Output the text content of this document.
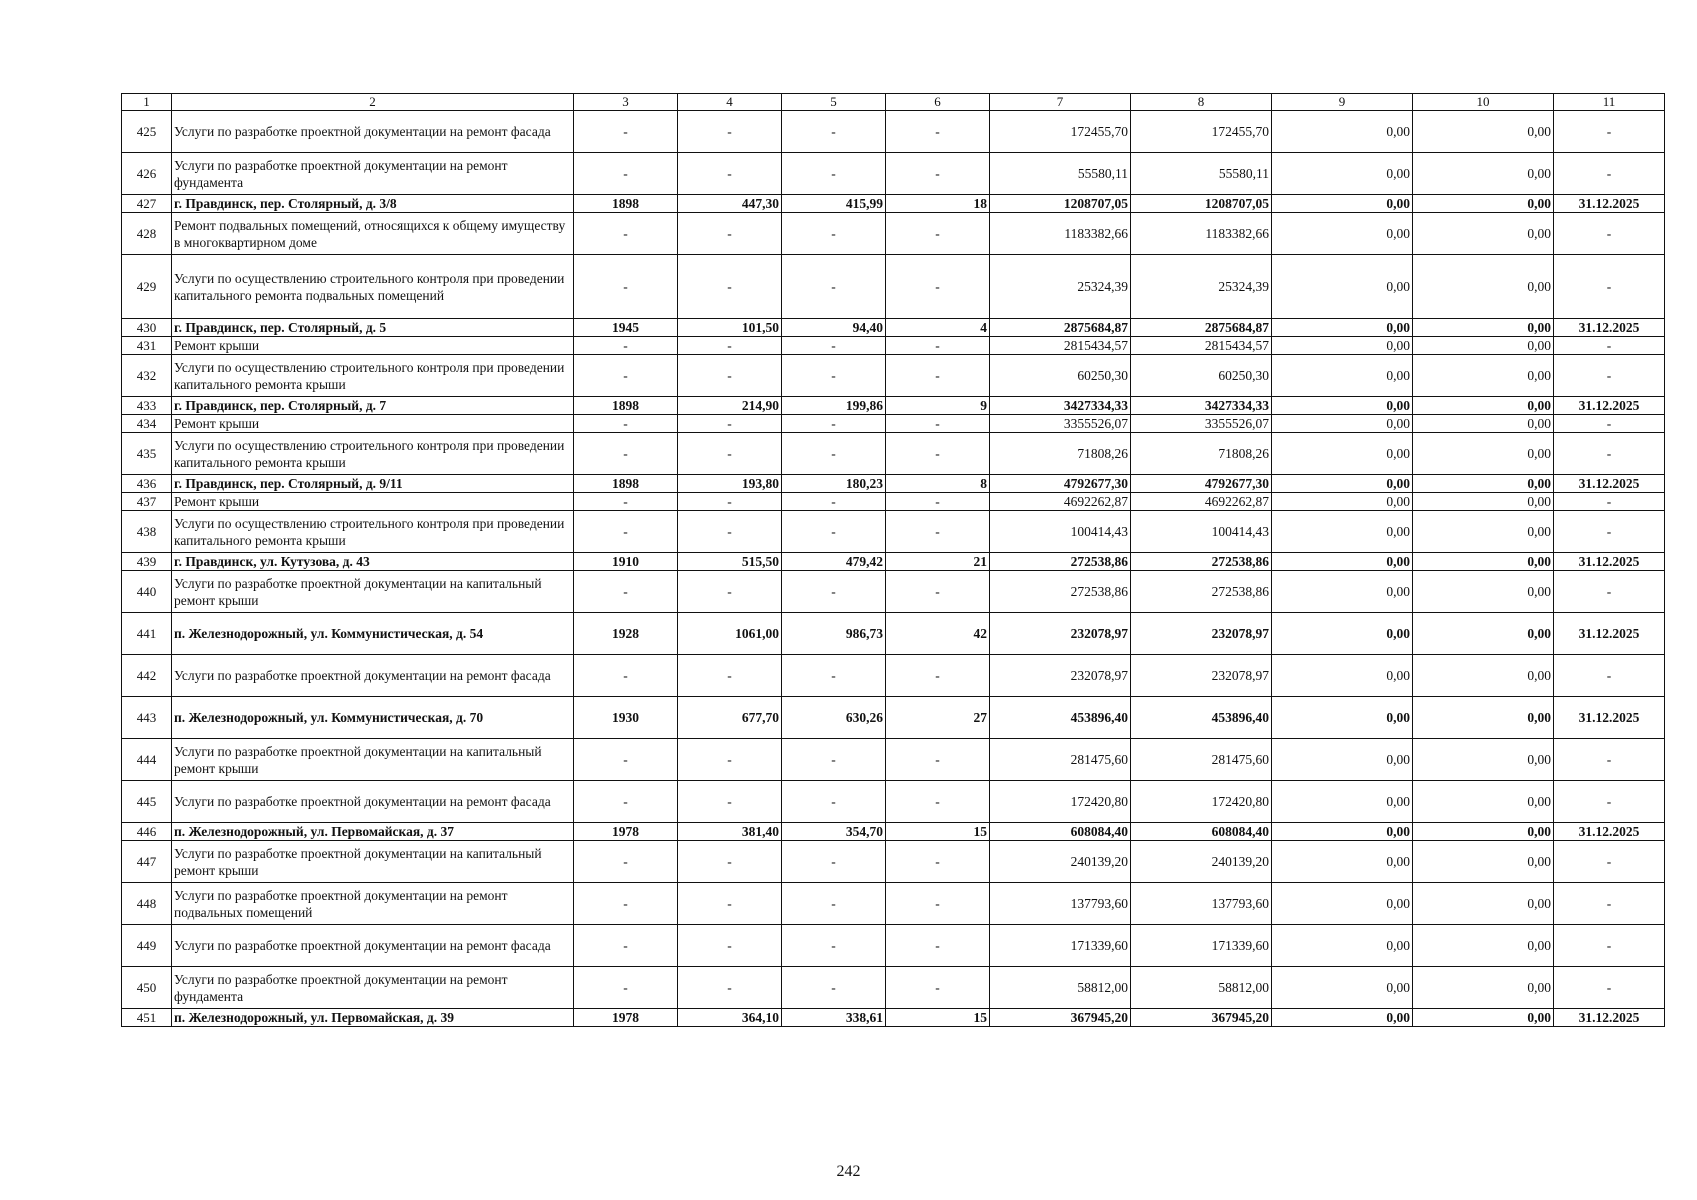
1	2	3	4	5	6	7	8	9	10	11
425	Услуги по разработке проектной документации на ремонт фасада	-	-	-	-	172455,70	172455,70	0,00	0,00	-
426	Услуги по разработке проектной документации на ремонт фундамента	-	-	-	-	55580,11	55580,11	0,00	0,00	-
427	г. Правдинск, пер. Столярный, д. 3/8	1898	447,30	415,99	18	1208707,05	1208707,05	0,00	0,00	31.12.2025
428	Ремонт подвальных помещений, относящихся к общему имуществу в многоквартирном доме	-	-	-	-	1183382,66	1183382,66	0,00	0,00	-
429	Услуги по осуществлению строительного контроля при проведении капитального ремонта подвальных помещений	-	-	-	-	25324,39	25324,39	0,00	0,00	-
430	г. Правдинск, пер. Столярный, д. 5	1945	101,50	94,40	4	2875684,87	2875684,87	0,00	0,00	31.12.2025
431	Ремонт крыши	-	-	-	-	2815434,57	2815434,57	0,00	0,00	-
432	Услуги по осуществлению строительного контроля при проведении капитального ремонта крыши	-	-	-	-	60250,30	60250,30	0,00	0,00	-
433	г. Правдинск, пер. Столярный, д. 7	1898	214,90	199,86	9	3427334,33	3427334,33	0,00	0,00	31.12.2025
434	Ремонт крыши	-	-	-	-	3355526,07	3355526,07	0,00	0,00	-
435	Услуги по осуществлению строительного контроля при проведении капитального ремонта крыши	-	-	-	-	71808,26	71808,26	0,00	0,00	-
436	г. Правдинск, пер. Столярный, д. 9/11	1898	193,80	180,23	8	4792677,30	4792677,30	0,00	0,00	31.12.2025
437	Ремонт крыши	-	-	-	-	4692262,87	4692262,87	0,00	0,00	-
438	Услуги по осуществлению строительного контроля при проведении капитального ремонта крыши	-	-	-	-	100414,43	100414,43	0,00	0,00	-
439	г. Правдинск, ул. Кутузова, д. 43	1910	515,50	479,42	21	272538,86	272538,86	0,00	0,00	31.12.2025
440	Услуги по разработке проектной документации на капитальный ремонт крыши	-	-	-	-	272538,86	272538,86	0,00	0,00	-
441	п. Железнодорожный, ул. Коммунистическая, д. 54	1928	1061,00	986,73	42	232078,97	232078,97	0,00	0,00	31.12.2025
442	Услуги по разработке проектной документации на ремонт фасада	-	-	-	-	232078,97	232078,97	0,00	0,00	-
443	п. Железнодорожный, ул. Коммунистическая, д. 70	1930	677,70	630,26	27	453896,40	453896,40	0,00	0,00	31.12.2025
444	Услуги по разработке проектной документации на капитальный ремонт крыши	-	-	-	-	281475,60	281475,60	0,00	0,00	-
445	Услуги по разработке проектной документации на ремонт фасада	-	-	-	-	172420,80	172420,80	0,00	0,00	-
446	п. Железнодорожный, ул. Первомайская, д. 37	1978	381,40	354,70	15	608084,40	608084,40	0,00	0,00	31.12.2025
447	Услуги по разработке проектной документации на капитальный ремонт крыши	-	-	-	-	240139,20	240139,20	0,00	0,00	-
448	Услуги по разработке проектной документации на ремонт подвальных помещений	-	-	-	-	137793,60	137793,60	0,00	0,00	-
449	Услуги по разработке проектной документации на ремонт фасада	-	-	-	-	171339,60	171339,60	0,00	0,00	-
450	Услуги по разработке проектной документации на ремонт фундамента	-	-	-	-	58812,00	58812,00	0,00	0,00	-
451	п. Железнодорожный, ул. Первомайская, д. 39	1978	364,10	338,61	15	367945,20	367945,20	0,00	0,00	31.12.2025
242
